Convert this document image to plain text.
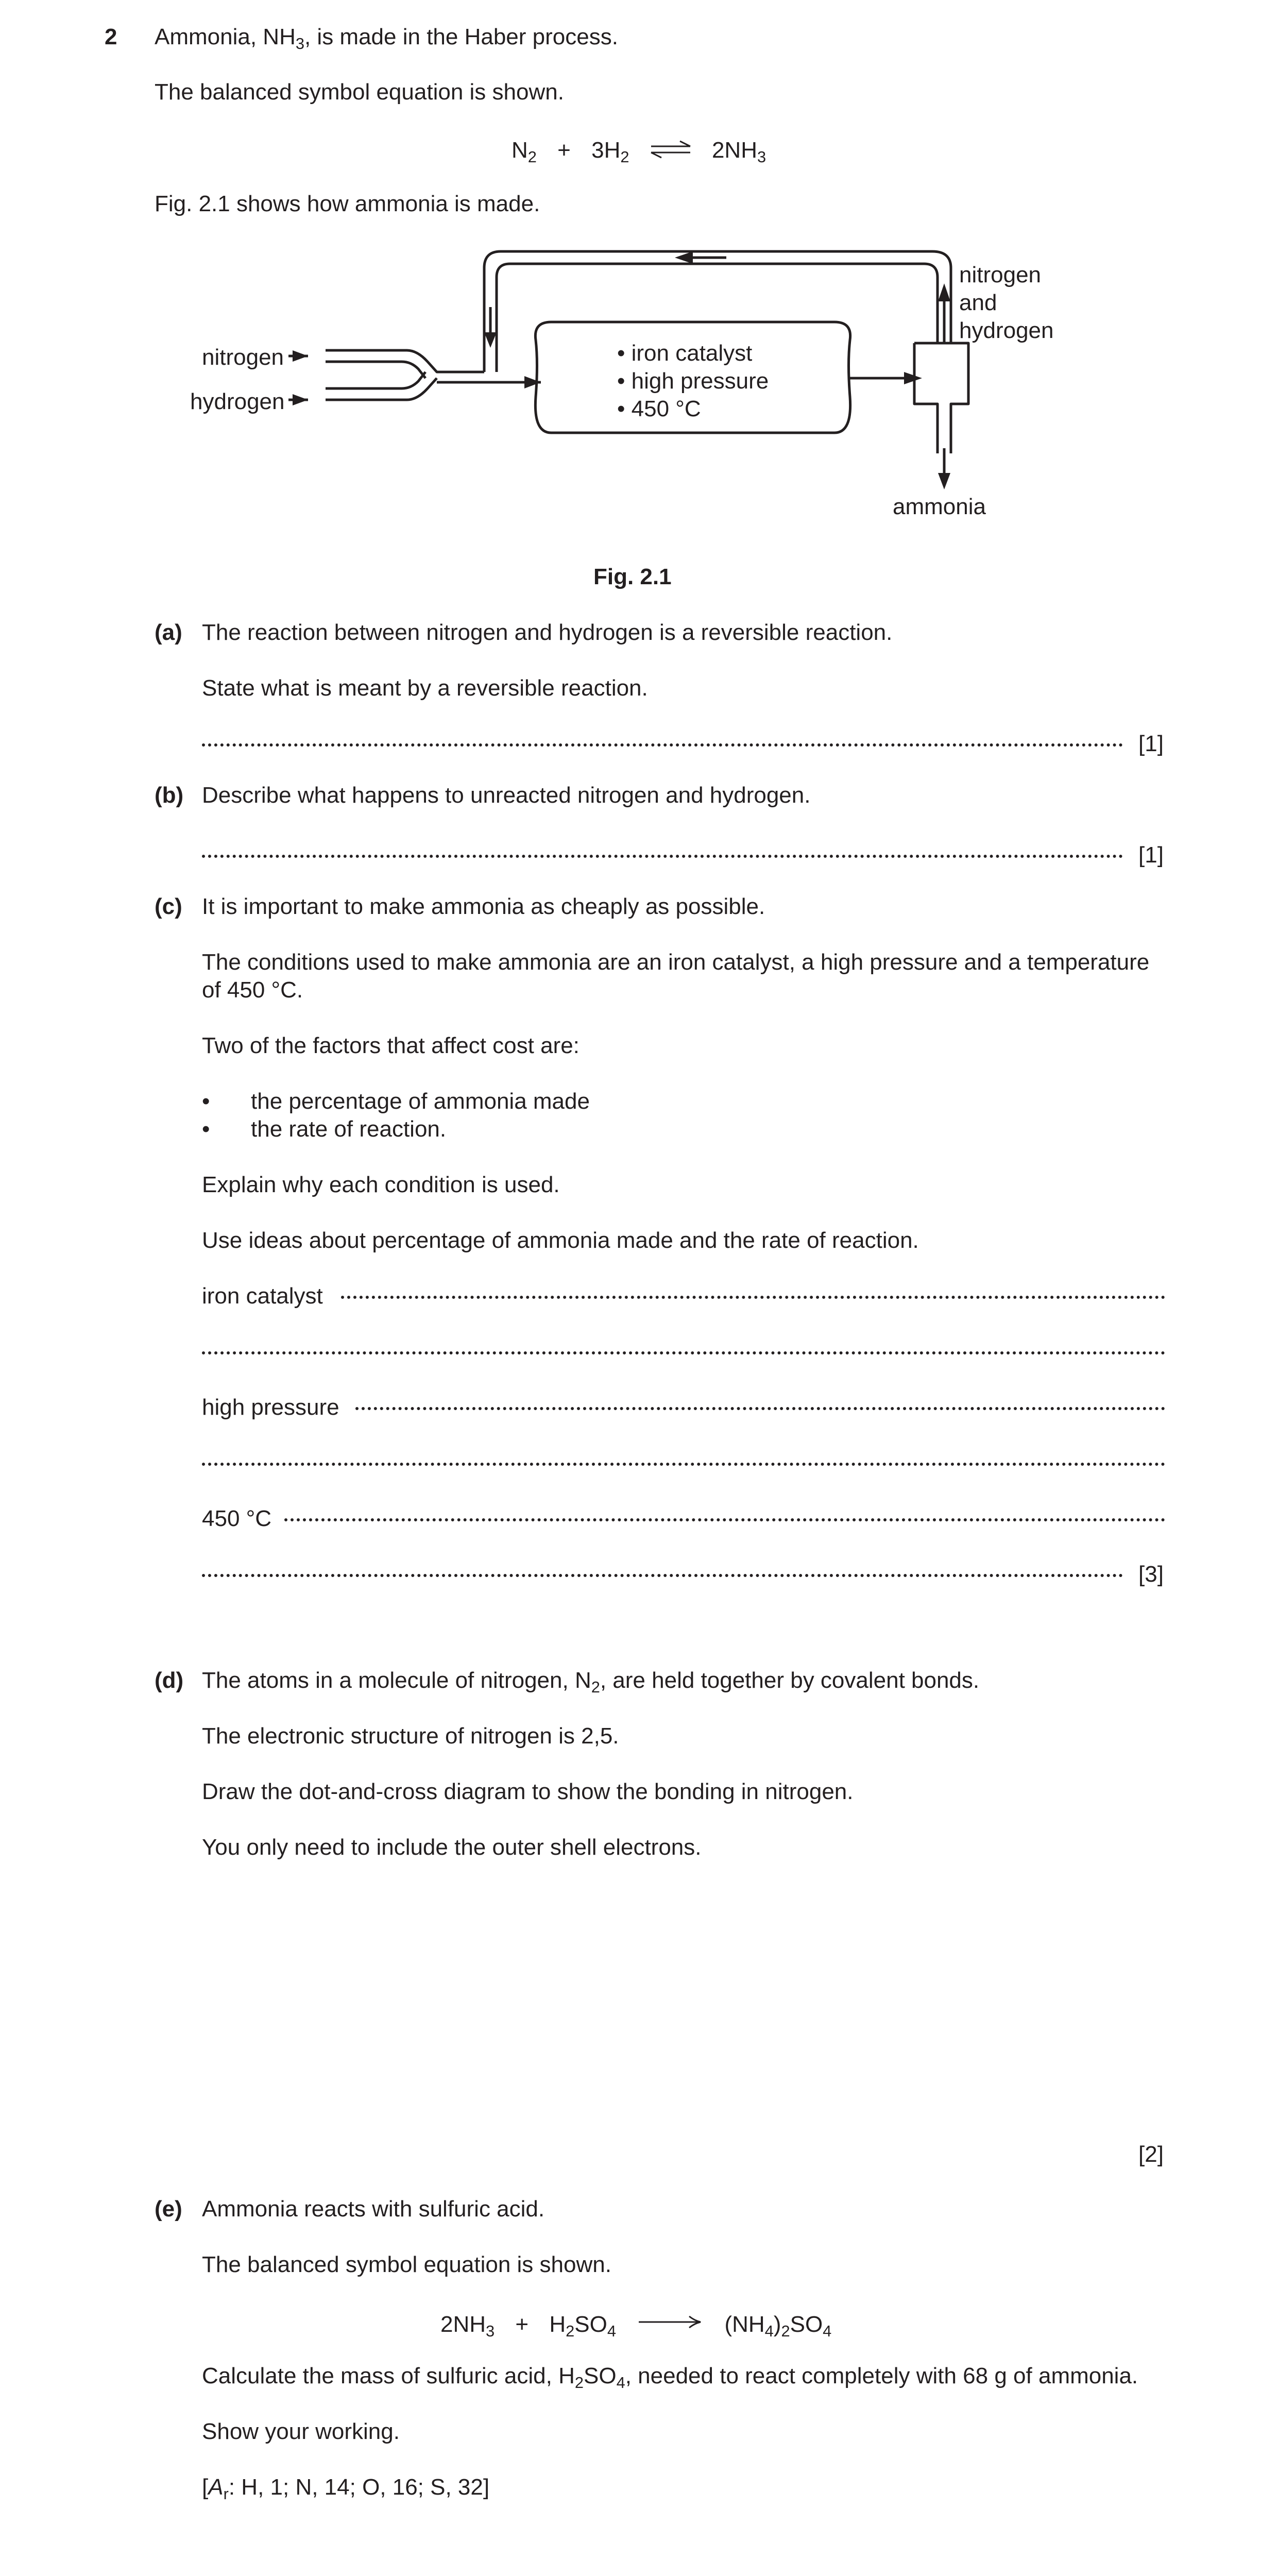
2 Ammonia, $NH_3$, is made in the Haber process.
The balanced symbol equation is shown.
$N_2 + 3H_2$ ⇌ $2NH_3$
Fig. 2.1 shows how ammonia is made.
nitrogen
hydrogen
• iron catalyst
• high pressure
• 450 °C
nitrogen
and
hydrogen
ammonia
Fig. 2.1
(a) The reaction between nitrogen and hydrogen is a reversible reaction.
State what is meant by a reversible reaction.
[1]
(b) Describe what happens to unreacted nitrogen and hydrogen.
[1]
(c) It is important to make ammonia as cheaply as possible.
The conditions used to make ammonia are an iron catalyst, a high pressure and a temperature
of 450 °C.
Two of the factors that affect cost are:
• the percentage of ammonia made
• the rate of reaction.
Explain why each condition is used.
Use ideas about percentage of ammonia made and the rate of reaction.
iron catalyst
high pressure
450 °C
[3]
(d) The atoms in a molecule of nitrogen, $N_2$, are held together by covalent bonds.
The electronic structure of nitrogen is 2,5.
Draw the dot-and-cross diagram to show the bonding in nitrogen.
You only need to include the outer shell electrons.
[2]
(e) Ammonia reacts with sulfuric acid.
The balanced symbol equation is shown.
$2NH_3 + H_2SO_4 \to (NH_4)_2SO_4$
Calculate the mass of sulfuric acid, $H_2SO_4$, needed to react completely with 68 g of ammonia.
Show your working.
[$A_r$: H, 1; N, 14; O, 16; S, 32]
